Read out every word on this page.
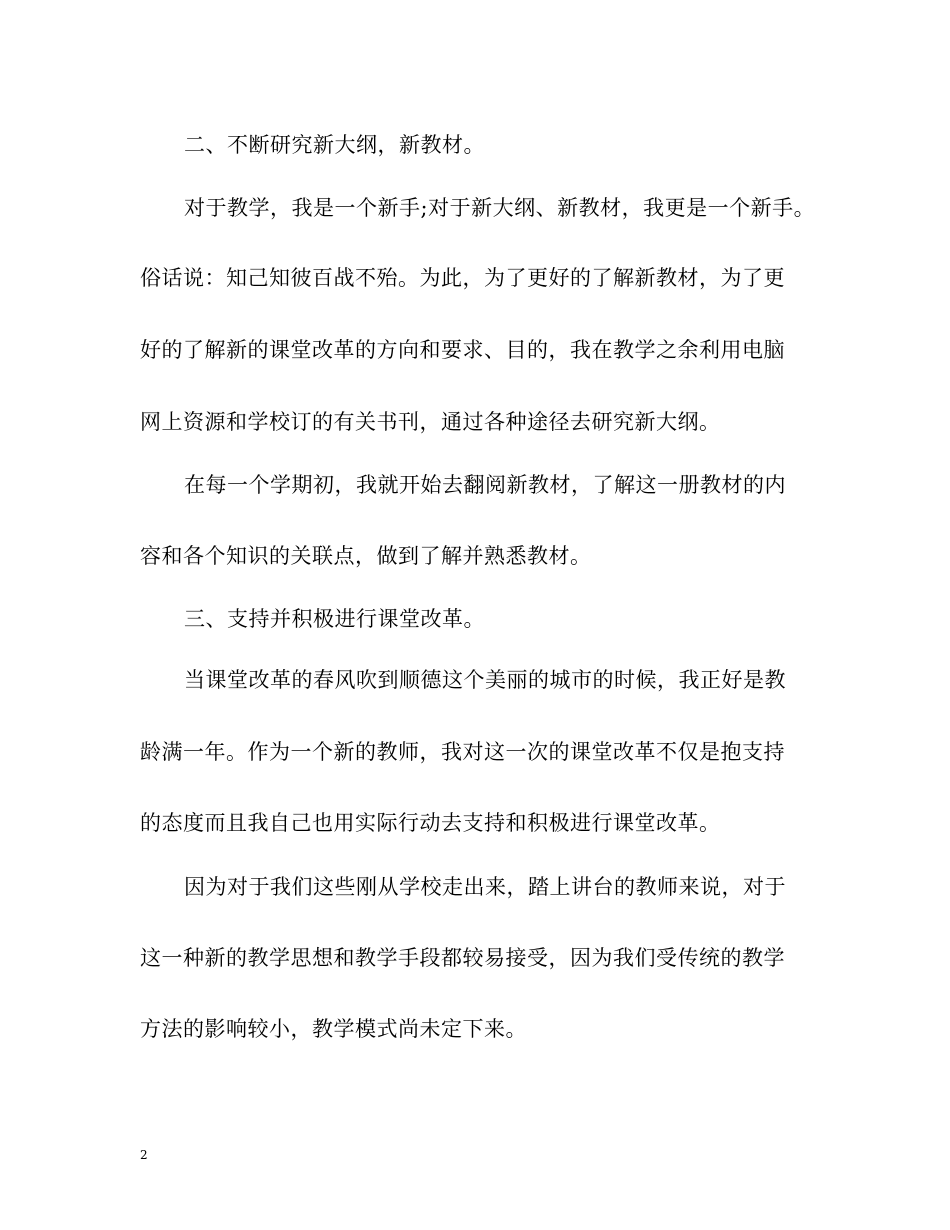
二、不断研究新大纲，新教材。
对于教学，我是一个新手;对于新大纲、新教材，我更是一个新手。
俗话说：知己知彼百战不殆。为此，为了更好的了解新教材，为了更
好的了解新的课堂改革的方向和要求、目的，我在教学之余利用电脑
网上资源和学校订的有关书刊，通过各种途径去研究新大纲。
在每一个学期初，我就开始去翻阅新教材，了解这一册教材的内
容和各个知识的关联点，做到了解并熟悉教材。
三、支持并积极进行课堂改革。
当课堂改革的春风吹到顺德这个美丽的城市的时候，我正好是教
龄满一年。作为一个新的教师，我对这一次的课堂改革不仅是抱支持
的态度而且我自己也用实际行动去支持和积极进行课堂改革。
因为对于我们这些刚从学校走出来，踏上讲台的教师来说，对于
这一种新的教学思想和教学手段都较易接受，因为我们受传统的教学
方法的影响较小，教学模式尚未定下来。
2
